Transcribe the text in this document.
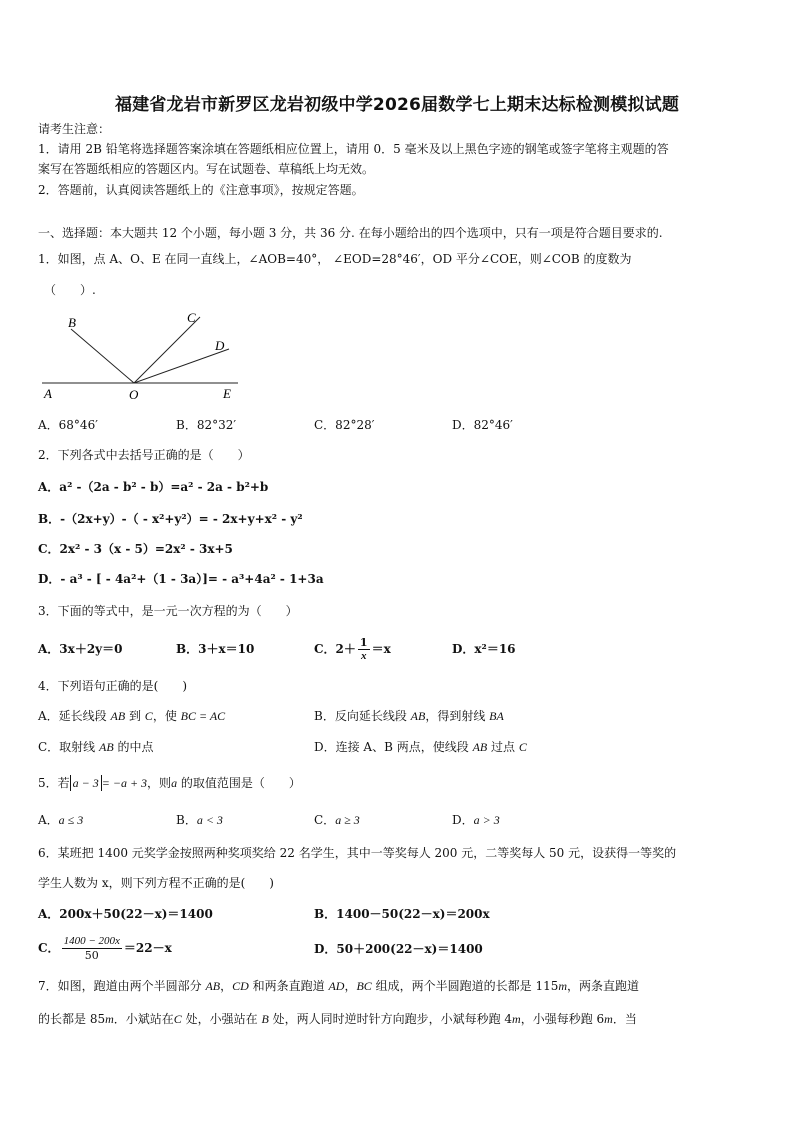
福建省龙岩市新罗区龙岩初级中学2026届数学七上期末达标检测模拟试题
请考生注意：
1．请用 2B 铅笔将选择题答案涂填在答题纸相应位置上，请用 0．5 毫米及以上黑色字迹的钢笔或签字笔将主观题的答
案写在答题纸相应的答题区内。写在试题卷、草稿纸上均无效。
2．答题前，认真阅读答题纸上的《注意事项》，按规定答题。
一、选择题：本大题共 12 个小题，每小题 3 分，共 36 分. 在每小题给出的四个选项中，只有一项是符合题目要求的.
1．如图，点 A、O、E 在同一直线上，∠AOB=40°， ∠EOD=28°46′，OD 平分∠COE，则∠COB 的度数为
（　　）.
B	C
D
A	O	E
A．68°46′	B．82°32′	C．82°28′	D．82°46′
2．下列各式中去括号正确的是（　　）
A．a² -（2a - b² - b）=a² - 2a - b²+b
B．-（2x+y）-（ - x²+y²）= - 2x+y+x² - y²
C．2x² - 3（x - 5）=2x² - 3x+5
D．- a³ - [ - 4a²+（1 - 3a）]= - a³+4a² - 1+3a
3．下面的等式中，是一元一次方程的为（　　）
A．3x＋2y＝0	B．3＋x＝10	C．$2+ \frac{1}{x} =x$	D．x²＝16
4．下列语句正确的是(　　)
A．延长线段 AB 到 C，使 BC = AC	B．反向延长线段 AB，得到射线 BA
C．取射线 AB 的中点	D．连接 A、B 两点，使线段 AB 过点 C
5．若 a − 3 = −a + 3，则a 的取值范围是（　　）
A．a ≤ 3	B．a < 3	C．a ≥ 3	D．a > 3
6．某班把 1400 元奖学金按照两种奖项奖给 22 名学生，其中一等奖每人 200 元，二等奖每人 50 元，设获得一等奖的
学生人数为 x，则下列方程不正确的是(　　)
A．200x＋50(22－x)＝1400	B．1400－50(22－x)＝200x
C． $\frac{1400 - 200x}{50} =22-x$	D．50＋200(22－x)＝1400
7．如图，跑道由两个半圆部分 AB，CD 和两条直跑道 AD，BC 组成，两个半圆跑道的长都是 115m，两条直跑道
的长都是 85m．小斌站在C 处，小强站在 B 处，两人同时逆时针方向跑步，小斌每秒跑 4m，小强每秒跑 6m．当
